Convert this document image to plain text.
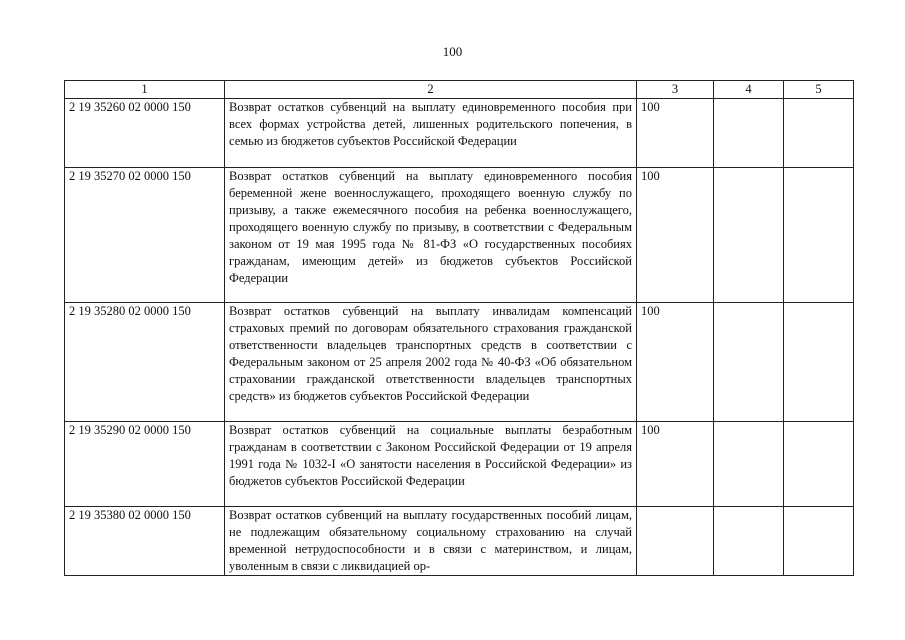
100
1	2	3	4	5
2 19 35260 02 0000 150	Возврат остатков субвенций на выплату единовременного пособия при всех формах устройства детей, лишенных родительского попечения, в семью из бюджетов субъектов Российской Федерации	100		
2 19 35270 02 0000 150	Возврат остатков субвенций на выплату единовременного пособия беременной жене военнослужащего, проходящего военную службу по призыву, а также ежемесячного пособия на ребенка военнослужащего, проходящего военную службу по призыву, в соответствии с Федеральным законом от 19 мая 1995 года № 81-ФЗ «О государственных пособиях гражданам, имеющим детей» из бюджетов субъектов Российской Федерации	100		
2 19 35280 02 0000 150	Возврат остатков субвенций на выплату инвалидам компенсаций страховых премий по договорам обязательного страхования гражданской ответственности владельцев транспортных средств в соответствии с Федеральным законом от 25 апреля 2002 года № 40-ФЗ «Об обязательном страховании гражданской ответственности владельцев транспортных средств» из бюджетов субъектов Российской Федерации	100		
2 19 35290 02 0000 150	Возврат остатков субвенций на социальные выплаты безработным гражданам в соответствии с Законом Российской Федерации от 19 апреля 1991 года № 1032-I «О занятости населения в Российской Федерации» из бюджетов субъектов Российской Федерации	100		
2 19 35380 02 0000 150	Возврат остатков субвенций на выплату государственных пособий лицам, не подлежащим обязательному социальному страхованию на случай временной нетрудоспособности и в связи с материнством, и лицам, уволенным в связи с ликвидацией ор-			
